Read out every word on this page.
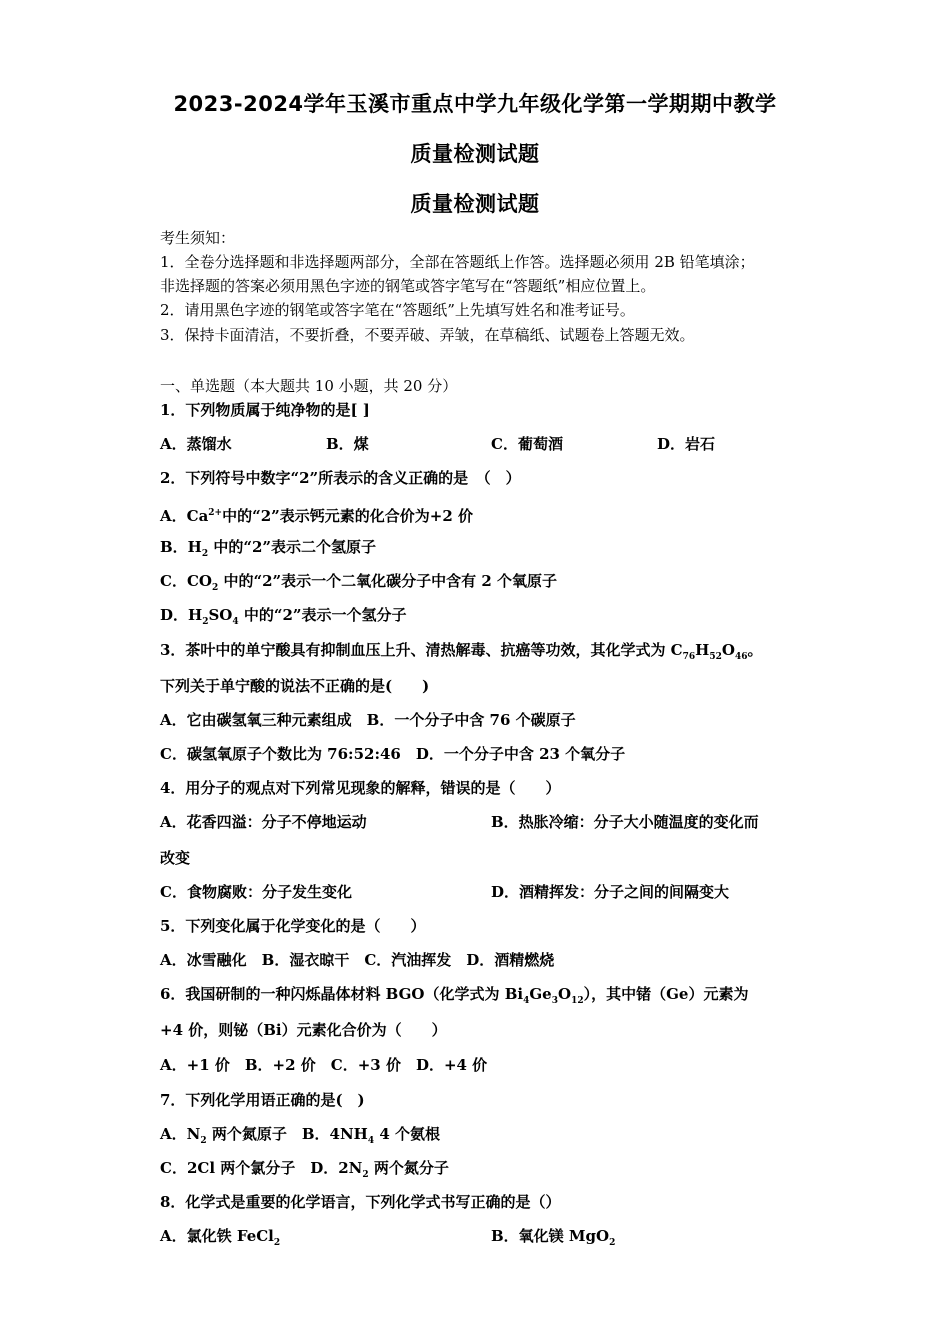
2023-2024学年玉溪市重点中学九年级化学第一学期期中教学
质量检测试题
质量检测试题
考生须知：
1．全卷分选择题和非选择题两部分，全部在答题纸上作答。选择题必须用 2B 铅笔填涂；
非选择题的答案必须用黑色字迹的钢笔或答字笔写在“答题纸”相应位置上。
2．请用黑色字迹的钢笔或答字笔在“答题纸”上先填写姓名和准考证号。
3．保持卡面清洁，不要折叠，不要弄破、弄皱，在草稿纸、试题卷上答题无效。
一、单选题（本大题共 10 小题，共 20 分）
1．下列物质属于纯净物的是[ ]
A．蒸馏水	B．煤	C．葡萄酒	D．岩石
2．下列符号中数字“2”所表示的含义正确的是　（　）
A．$Ca^{2+}$中的“2”表示钙元素的化合价为+2 价
B．$H_2$ 中的“2”表示二个氢原子
C．$CO_2$ 中的“2”表示一个二氧化碳分子中含有 2 个氧原子
D．$H_2SO_4$ 中的“2”表示一个氢分子
3．茶叶中的单宁酸具有抑制血压上升、清热解毒、抗癌等功效，其化学式为 $C_{76}H_{52}O_{46}$。
下列关于单宁酸的说法不正确的是(　　)
A．它由碳氢氧三种元素组成　B．一个分子中含 76 个碳原子
C．碳氢氧原子个数比为 76:52:46　D．一个分子中含 23 个氧分子
4．用分子的观点对下列常见现象的解释，错误的是（　　）
A．花香四溢：分子不停地运动	B．热胀冷缩：分子大小随温度的变化而
改变
C．食物腐败：分子发生变化	D．酒精挥发：分子之间的间隔变大
5．下列变化属于化学变化的是（　　）
A．冰雪融化　B．湿衣晾干　C．汽油挥发　D．酒精燃烧
6．我国研制的一种闪烁晶体材料 BGO（化学式为 $Bi_4Ge_3O_{12}$），其中锗（Ge）元素为
+4 价，则铋（Bi）元素化合价为（　　）
A．+1 价　B．+2 价　C．+3 价　D．+4 价
7．下列化学用语正确的是(　)
A．$N_2$ 两个氮原子　B．$4NH_4$ 4 个氨根
C．2Cl 两个氯分子　D．$2N_2$ 两个氮分子
8．化学式是重要的化学语言，下列化学式书写正确的是（）
A．氯化铁 FeCl$_2$	B．氧化镁 MgO$_2$
